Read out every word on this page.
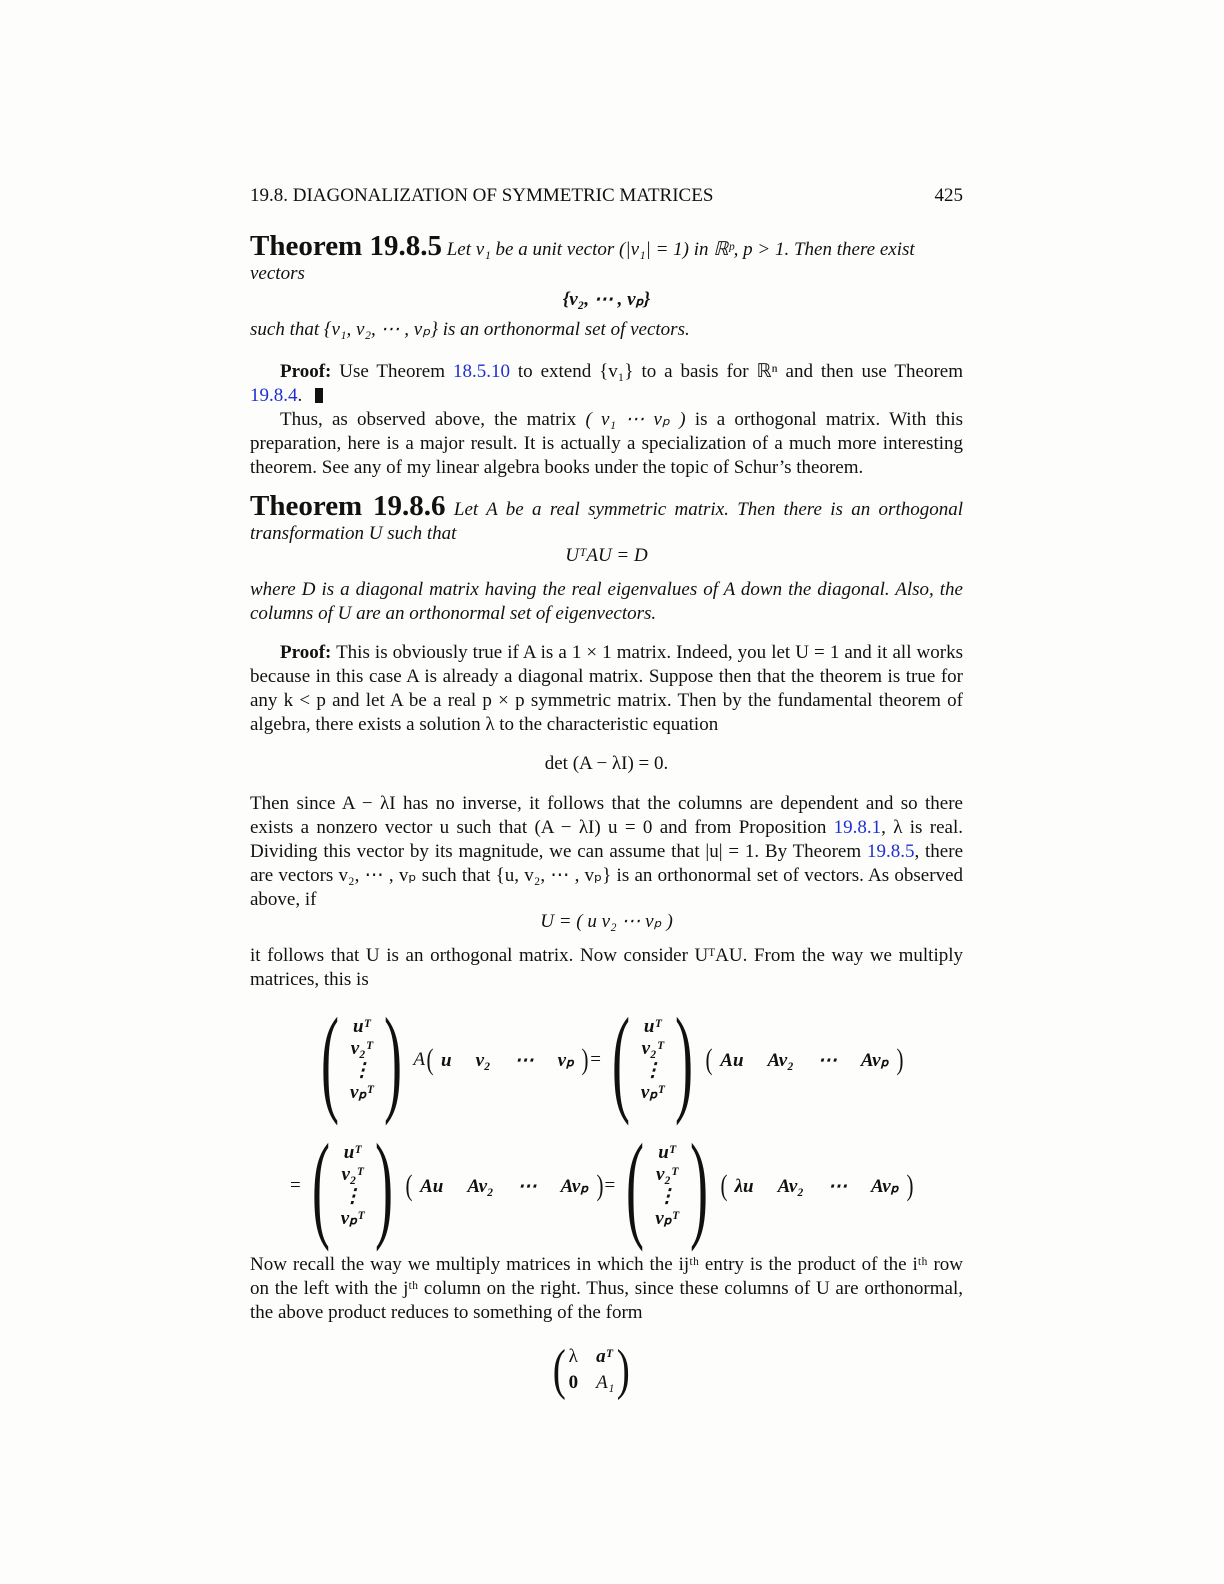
19.8. DIAGONALIZATION OF SYMMETRIC MATRICES	425
Theorem 19.8.5 Let v₁ be a unit vector (|v₁| = 1) in ℝᵖ, p > 1. Then there exist
vectors
{v₂, ⋯ , vₚ}
such that {v₁, v₂, ⋯ , vₚ} is an orthonormal set of vectors.
Proof: Use Theorem 18.5.10 to extend {v₁} to a basis for ℝⁿ and then use Theorem 19.8.4.
Thus, as observed above, the matrix ( v₁ ⋯ vₚ ) is a orthogonal matrix. With this preparation, here is a major result. It is actually a specialization of a much more interesting theorem. See any of my linear algebra books under the topic of Schur’s theorem.
Theorem 19.8.6 Let A be a real symmetric matrix. Then there is an orthogonal transformation U such that
UᵀAU = D
where D is a diagonal matrix having the real eigenvalues of A down the diagonal. Also, the columns of U are an orthonormal set of eigenvectors.
Proof: This is obviously true if A is a 1 × 1 matrix. Indeed, you let U = 1 and it all works because in this case A is already a diagonal matrix. Suppose then that the theorem is true for any k < p and let A be a real p × p symmetric matrix. Then by the fundamental theorem of algebra, there exists a solution λ to the characteristic equation
det (A − λI) = 0.
Then since A − λI has no inverse, it follows that the columns are dependent and so there exists a nonzero vector u such that (A − λI) u = 0 and from Proposition 19.8.1, λ is real. Dividing this vector by its magnitude, we can assume that |u| = 1. By Theorem 19.8.5, there are vectors v₂, ⋯ , vₚ such that {u, v₂, ⋯ , vₚ} is an orthonormal set of vectors. As observed above, if
U = ( u v₂ ⋯ vₚ )
it follows that U is an orthogonal matrix. Now consider UᵀAU. From the way we multiply matrices, this is
( uᵀ
v₂ᵀ
⋮
vₚᵀ ) A ( u v₂ ⋯ vₚ ) = ( uᵀ
v₂ᵀ
⋮
vₚᵀ ) ( Au Av₂ ⋯ Avₚ )
= ( uᵀ
v₂ᵀ
⋮
vₚᵀ ) ( Au Av₂ ⋯ Avₚ ) = ( uᵀ
v₂ᵀ
⋮
vₚᵀ ) ( λu Av₂ ⋯ Avₚ )
Now recall the way we multiply matrices in which the ijᵗʰ entry is the product of the iᵗʰ row on the left with the jᵗʰ column on the right. Thus, since these columns of U are orthonormal, the above product reduces to something of the form
( λ aᵀ
0 A₁ )
